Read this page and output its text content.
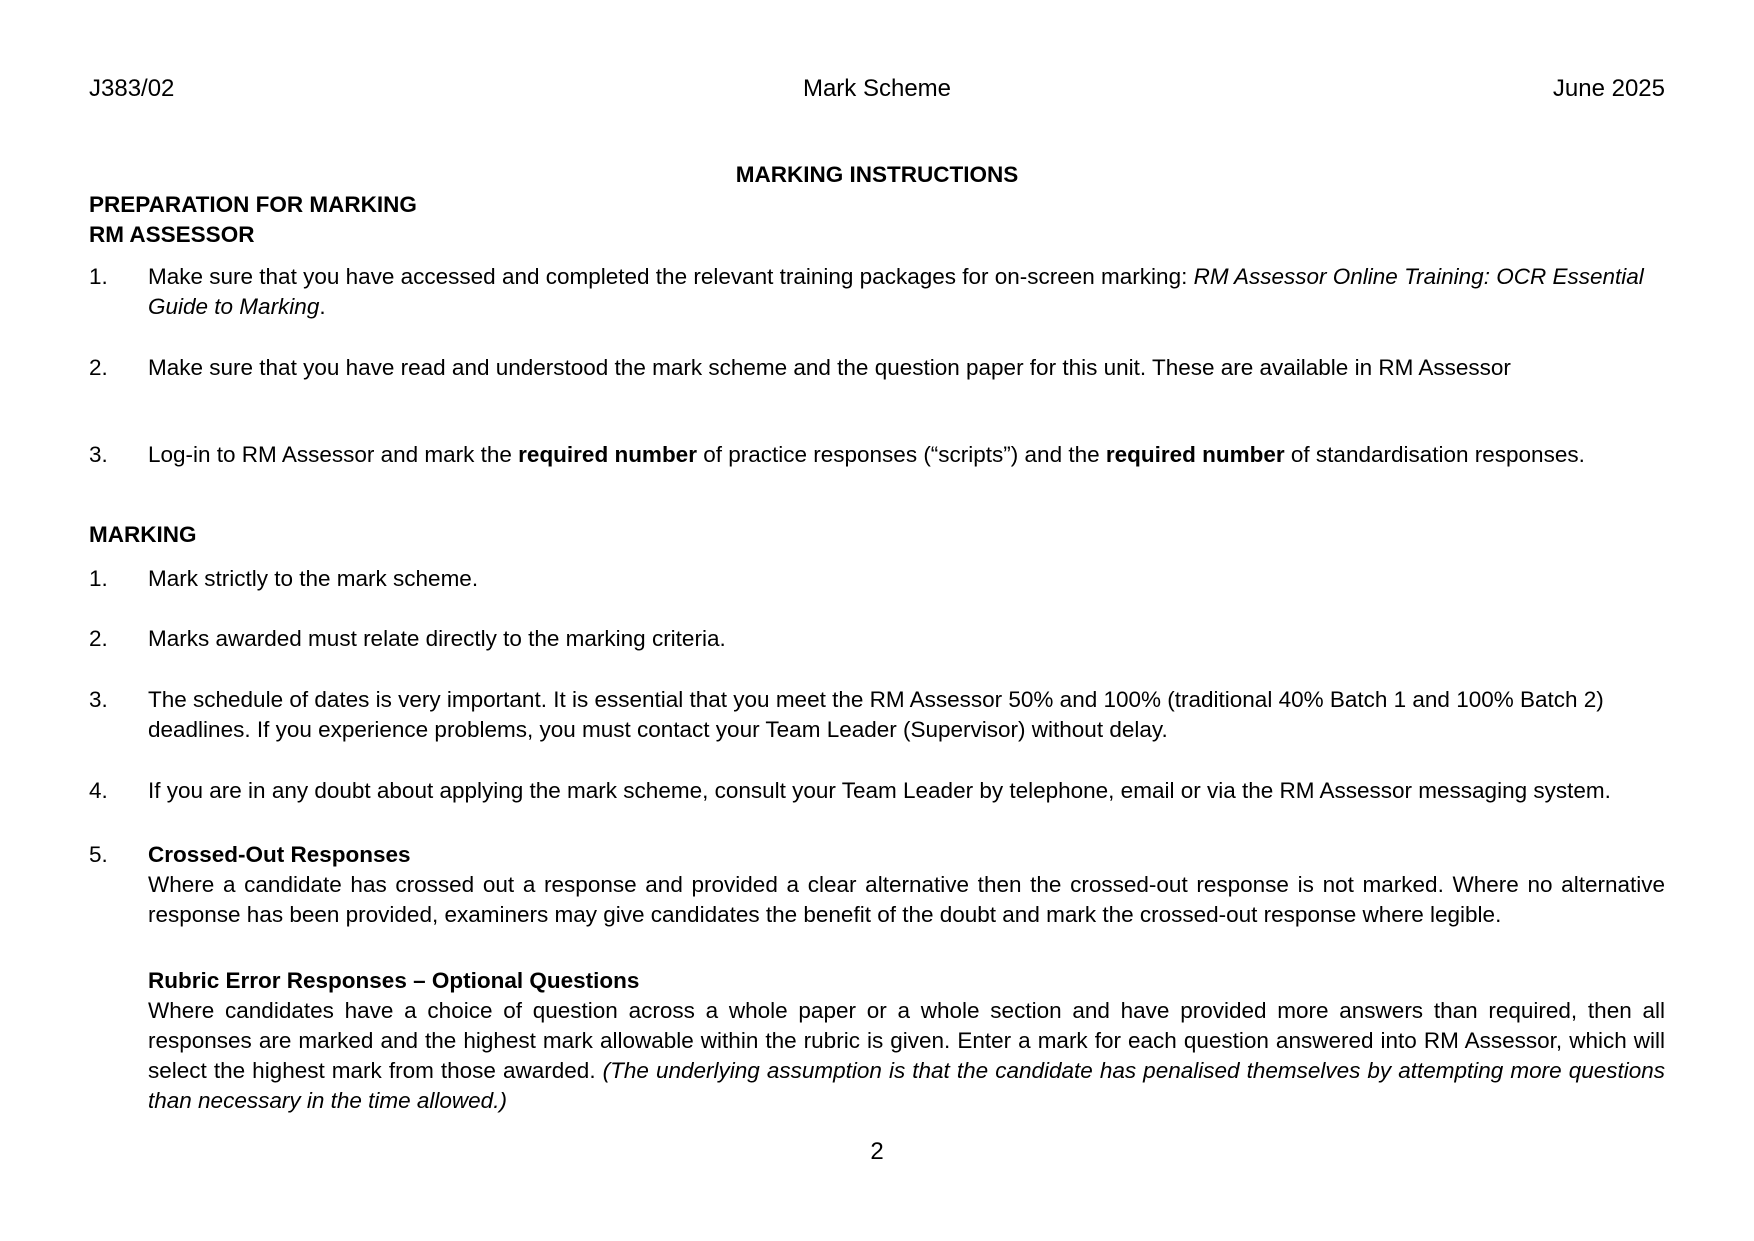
J383/02	Mark Scheme	June 2025
MARKING INSTRUCTIONS
PREPARATION FOR MARKING
RM ASSESSOR
1. Make sure that you have accessed and completed the relevant training packages for on-screen marking: RM Assessor Online Training: OCR Essential Guide to Marking.
2. Make sure that you have read and understood the mark scheme and the question paper for this unit. These are available in RM Assessor
3. Log-in to RM Assessor and mark the required number of practice responses (“scripts”) and the required number of standardisation responses.
MARKING
1. Mark strictly to the mark scheme.
2. Marks awarded must relate directly to the marking criteria.
3. The schedule of dates is very important. It is essential that you meet the RM Assessor 50% and 100% (traditional 40% Batch 1 and 100% Batch 2) deadlines. If you experience problems, you must contact your Team Leader (Supervisor) without delay.
4. If you are in any doubt about applying the mark scheme, consult your Team Leader by telephone, email or via the RM Assessor messaging system.
5. Crossed-Out Responses
Where a candidate has crossed out a response and provided a clear alternative then the crossed-out response is not marked. Where no alternative response has been provided, examiners may give candidates the benefit of the doubt and mark the crossed-out response where legible.
Rubric Error Responses – Optional Questions
Where candidates have a choice of question across a whole paper or a whole section and have provided more answers than required, then all responses are marked and the highest mark allowable within the rubric is given. Enter a mark for each question answered into RM Assessor, which will select the highest mark from those awarded. (The underlying assumption is that the candidate has penalised themselves by attempting more questions than necessary in the time allowed.)
2
